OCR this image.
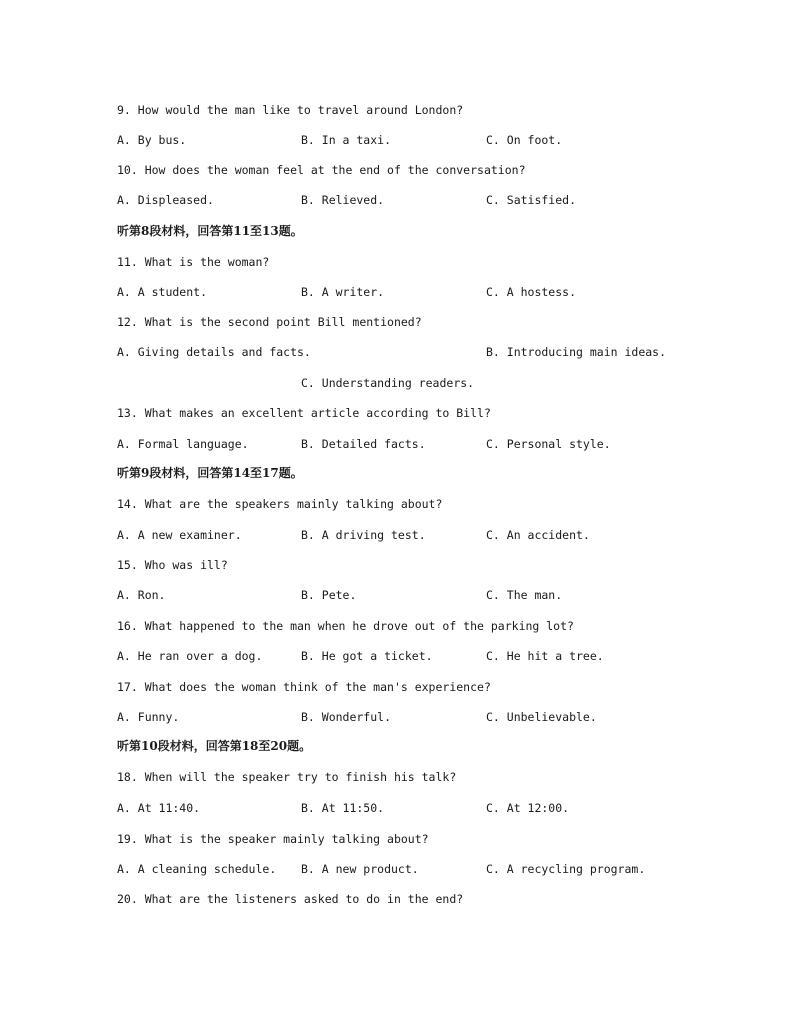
9. How would the man like to travel around London?
A. By bus.	B. In a taxi.	C. On foot.
10. How does the woman feel at the end of the conversation?
A. Displeased.	B. Relieved.	C. Satisfied.
听第8段材料，回答第11至13题。
11. What is the woman?
A. A student.	B. A writer.	C. A hostess.
12. What is the second point Bill mentioned?
A. Giving details and facts.	B. Introducing main ideas.
C. Understanding readers.
13. What makes an excellent article according to Bill?
A. Formal language.	B. Detailed facts.	C. Personal style.
听第9段材料，回答第14至17题。
14. What are the speakers mainly talking about?
A. A new examiner.	B. A driving test.	C. An accident.
15. Who was ill?
A. Ron.	B. Pete.	C. The man.
16. What happened to the man when he drove out of the parking lot?
A. He ran over a dog.	B. He got a ticket.	C. He hit a tree.
17. What does the woman think of the man's experience?
A. Funny.	B. Wonderful.	C. Unbelievable.
听第10段材料，回答第18至20题。
18. When will the speaker try to finish his talk?
A. At 11:40.	B. At 11:50.	C. At 12:00.
19. What is the speaker mainly talking about?
A. A cleaning schedule. B. A new product.	C. A recycling program.
20. What are the listeners asked to do in the end?
